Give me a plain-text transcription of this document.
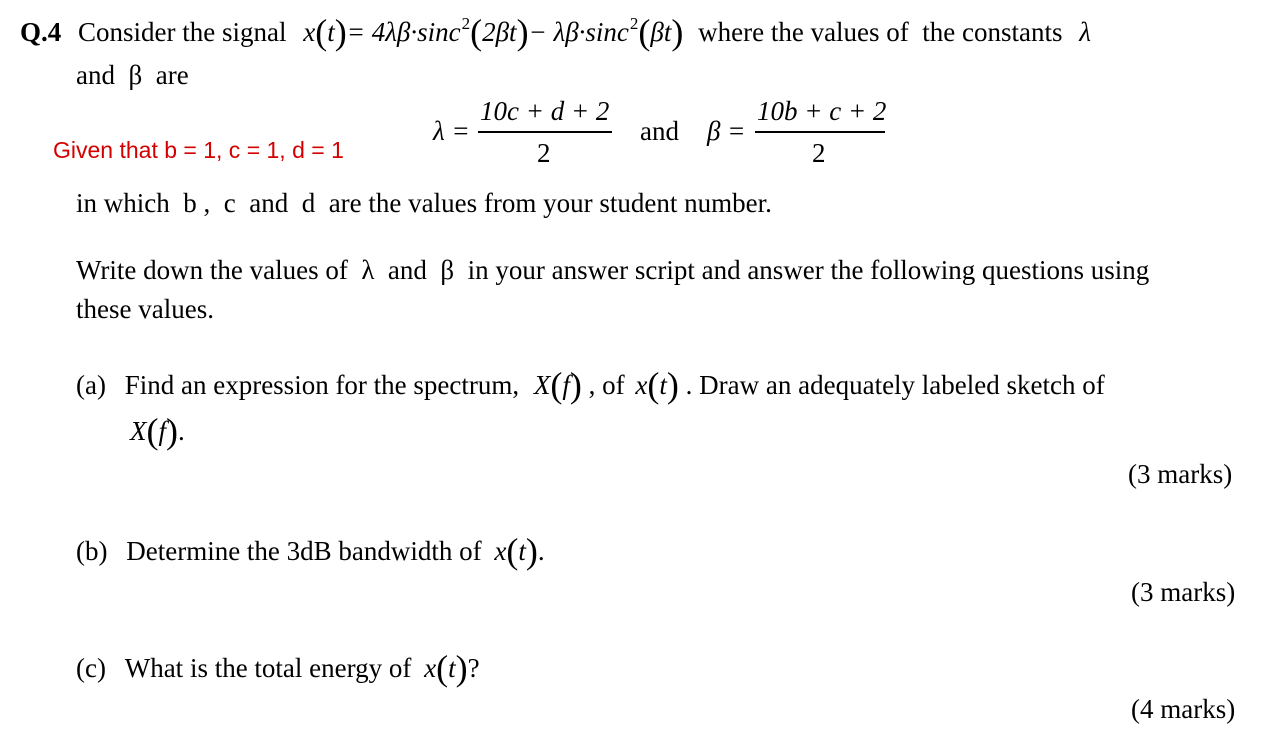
Q.4 Consider the signal x(t)= 4λβ·sinc$^2$(2βt)− λβ·sinc$^2$(βt) where the values of  the constants λ
and  β  are
λ =
10c + d + 2
2
and β =
10b + c + 2
2
Given that b = 1, c = 1, d = 1
in which  b ,  c  and  d  are the values from your student number.
Write down the values of  λ  and  β  in your answer script and answer the following questions using
these values.
(a) Find an expression for the spectrum, X(f) , of x(t) . Draw an adequately labeled sketch of
X(f).
(3 marks)
(b) Determine the 3dB bandwidth of x(t).
(3 marks)
(c) What is the total energy of x(t)?
(4 marks)
